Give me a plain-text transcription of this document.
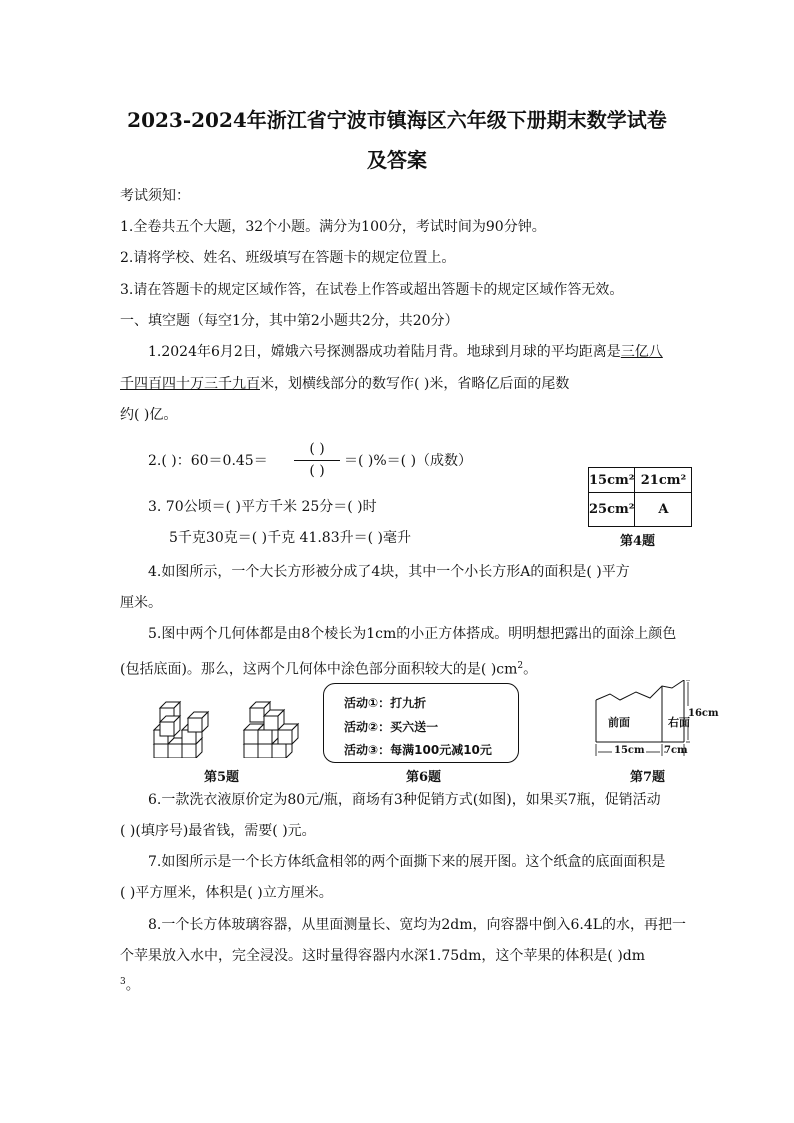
2023-2024年浙江省宁波市镇海区六年级下册期末数学试卷
及答案
考试须知：
1.全卷共五个大题，32个小题。满分为100分，考试时间为90分钟。
2.请将学校、姓名、班级填写在答题卡的规定位置上。
3.请在答题卡的规定区域作答，在试卷上作答或超出答题卡的规定区域作答无效。
一、填空题（每空1分，其中第2小题共2分，共20分）
1.2024年6月2日，嫦娥六号探测器成功着陆月背。地球到月球的平均距离是三亿八
千四百四十万三千九百米，划横线部分的数写作( )米，省略亿后面的尾数
约( )亿。
2.( )：60＝0.45＝
( )
( )
＝( )%＝( )（成数）
15cm²	21cm²
25cm²	A
第4题
3. 70公顷＝( )平方千米 25分＝( )时
5千克30克＝( )千克 41.83升＝( )毫升
4.如图所示，一个大长方形被分成了4块，其中一个小长方形A的面积是( )平方
厘米。
5.图中两个几何体都是由8个棱长为1cm的小正方体搭成。明明想把露出的面涂上颜色
(包括底面)。那么，这两个几何体中涂色部分面积较大的是( )$cm^2$。
第5题
活动①：打九折
活动②：买六送一
活动③：每满100元减10元
第6题
前面	右面
15cm 7cm
16cm
第7题
6.一款洗衣液原价定为80元/瓶，商场有3种促销方式(如图)，如果买7瓶，促销活动
( )(填序号)最省钱，需要( )元。
7.如图所示是一个长方体纸盒相邻的两个面撕下来的展开图。这个纸盒的底面面积是
( )平方厘米，体积是( )立方厘米。
8.一个长方体玻璃容器，从里面测量长、宽均为2dm，向容器中倒入6.4L的水，再把一
个苹果放入水中，完全浸没。这时量得容器内水深1.75dm，这个苹果的体积是( )dm
$^3$。
